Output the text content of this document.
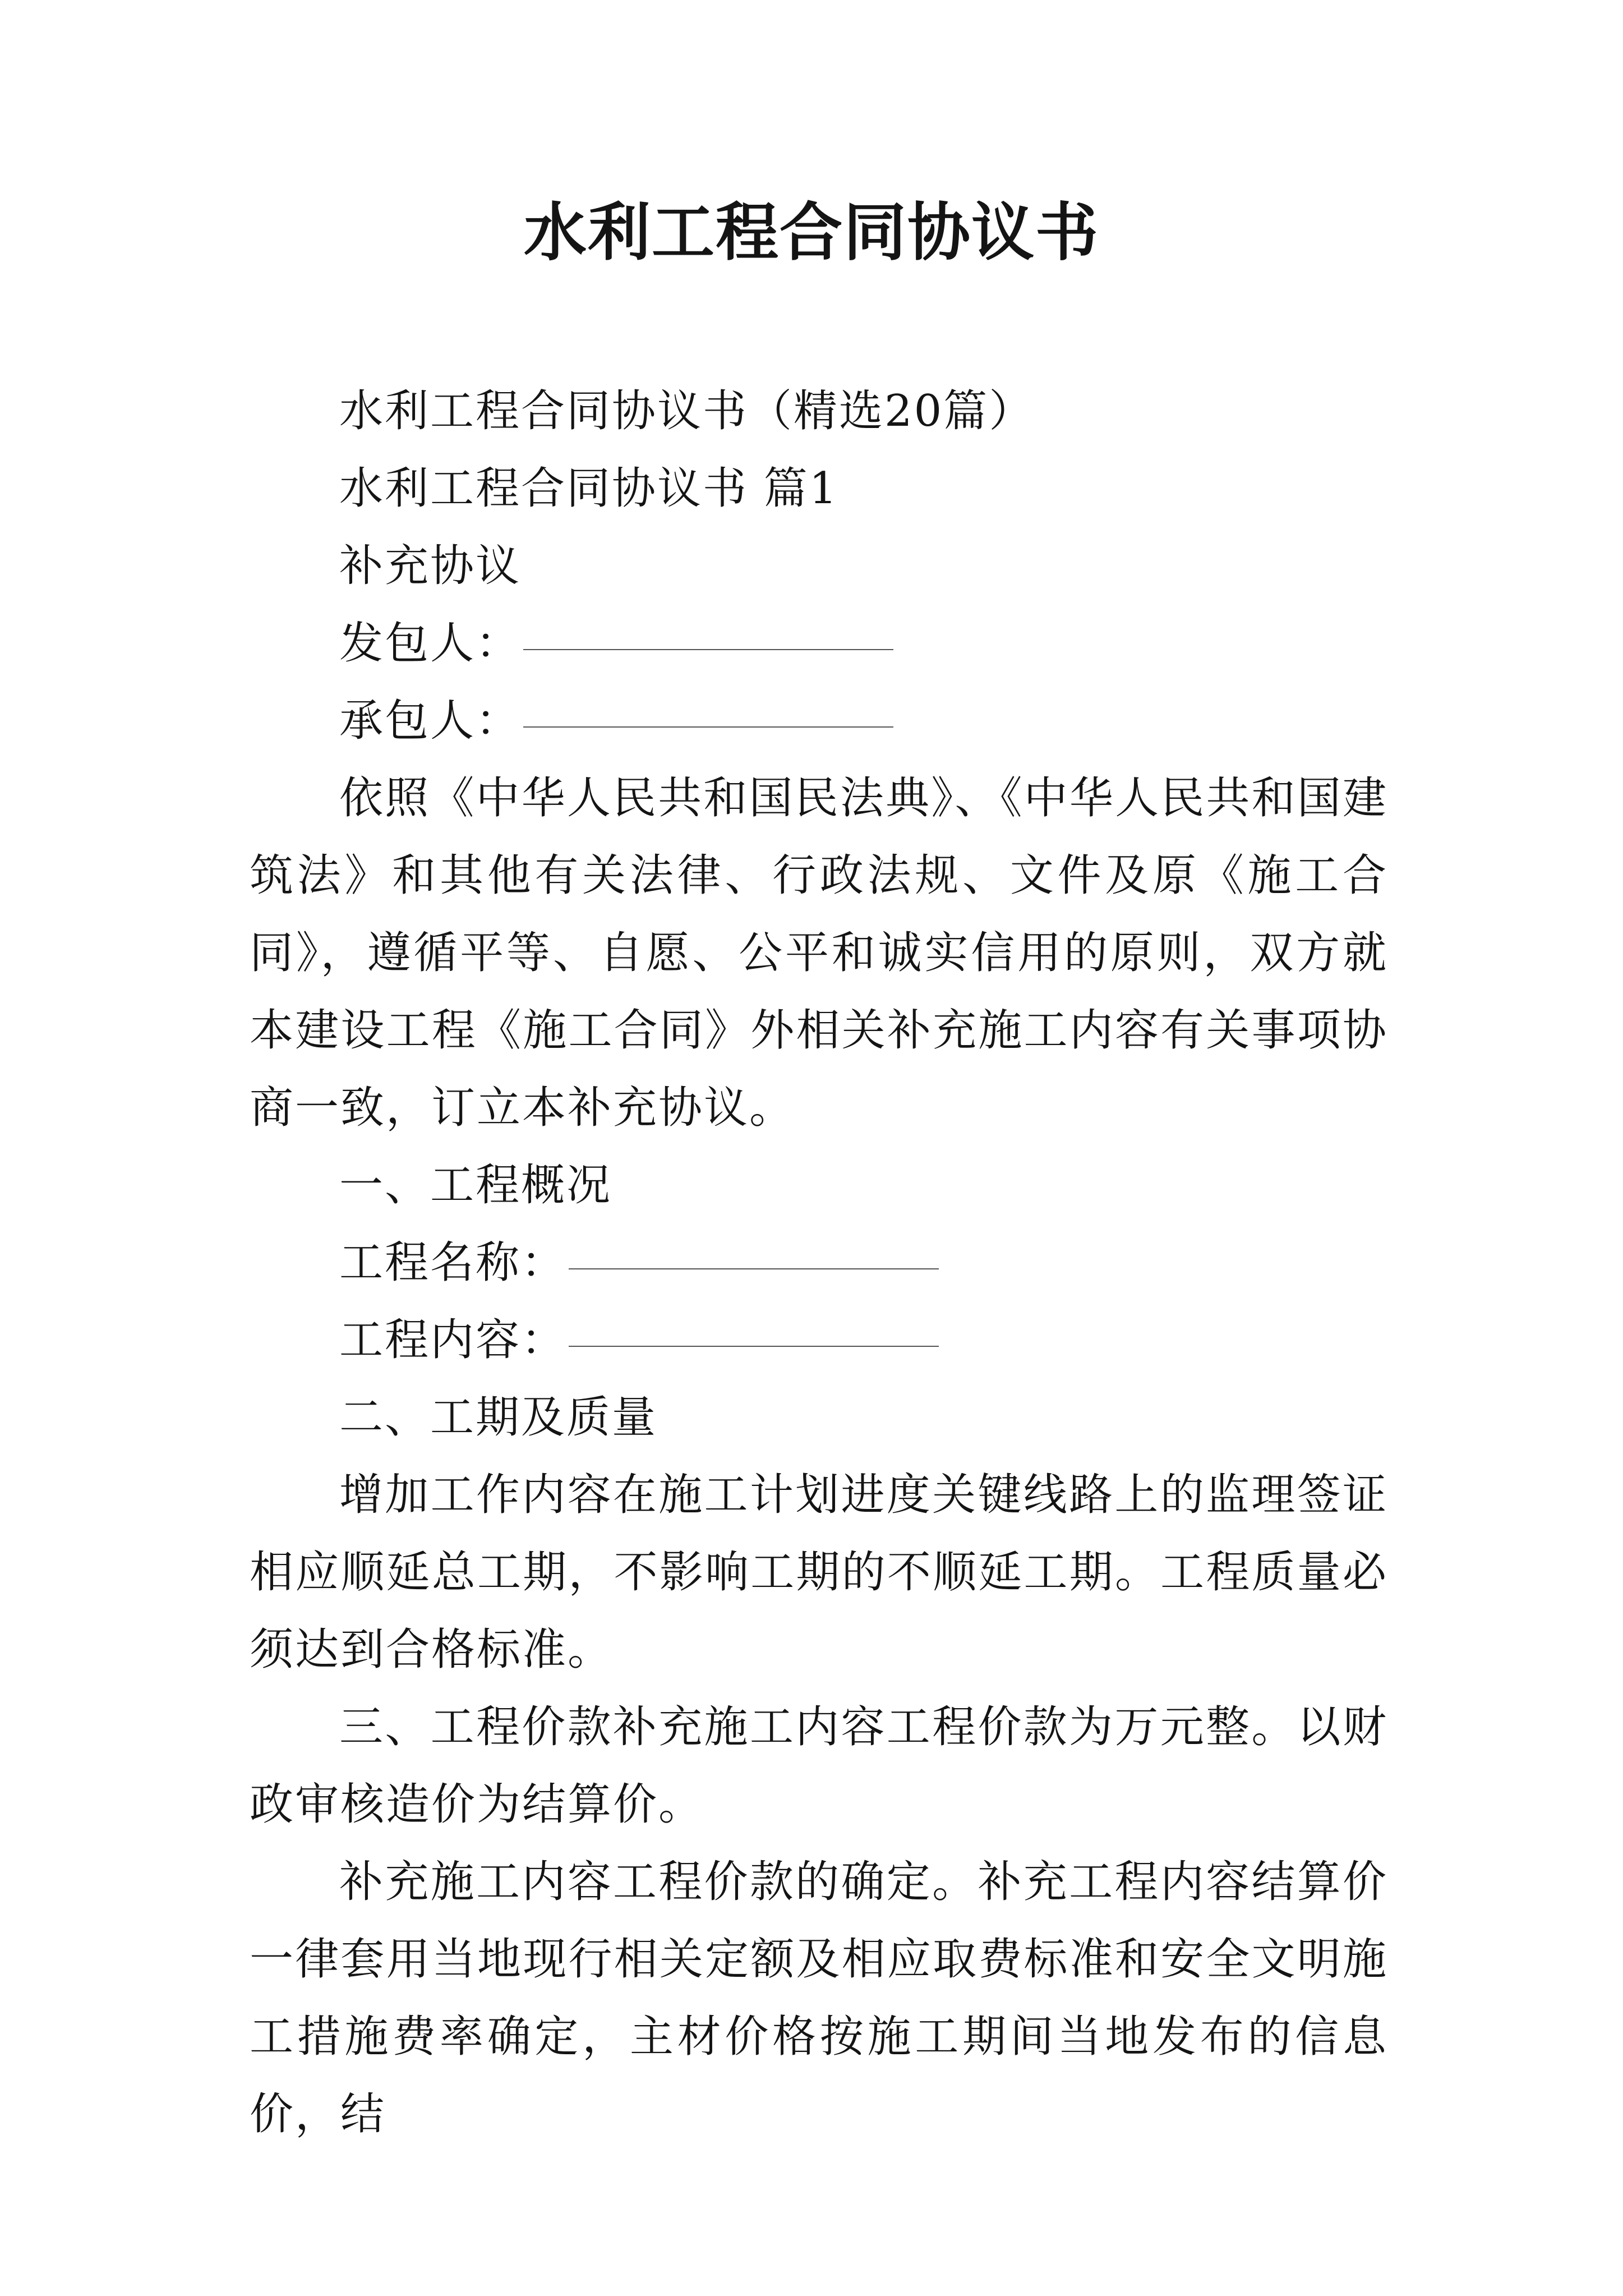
水利工程合同协议书

水利工程合同协议书（精选20篇）

水利工程合同协议书 篇1

补充协议

发包人：

承包人：

依照《中华人民共和国民法典》、《中华人民共和国建筑法》和其他有关法律、行政法规、文件及原《施工合同》，遵循平等、自愿、公平和诚实信用的原则，双方就本建设工程《施工合同》外相关补充施工内容有关事项协商一致，订立本补充协议。

一、工程概况

工程名称：

工程内容：

二、工期及质量

增加工作内容在施工计划进度关键线路上的监理签证相应顺延总工期，不影响工期的不顺延工期。工程质量必须达到合格标准。

三、工程价款补充施工内容工程价款为万元整。以财政审核造价为结算价。

补充施工内容工程价款的确定。补充工程内容结算价一律套用当地现行相关定额及相应取费标准和安全文明施工措施费率确定，主材价格按施工期间当地发布的信息价，结
